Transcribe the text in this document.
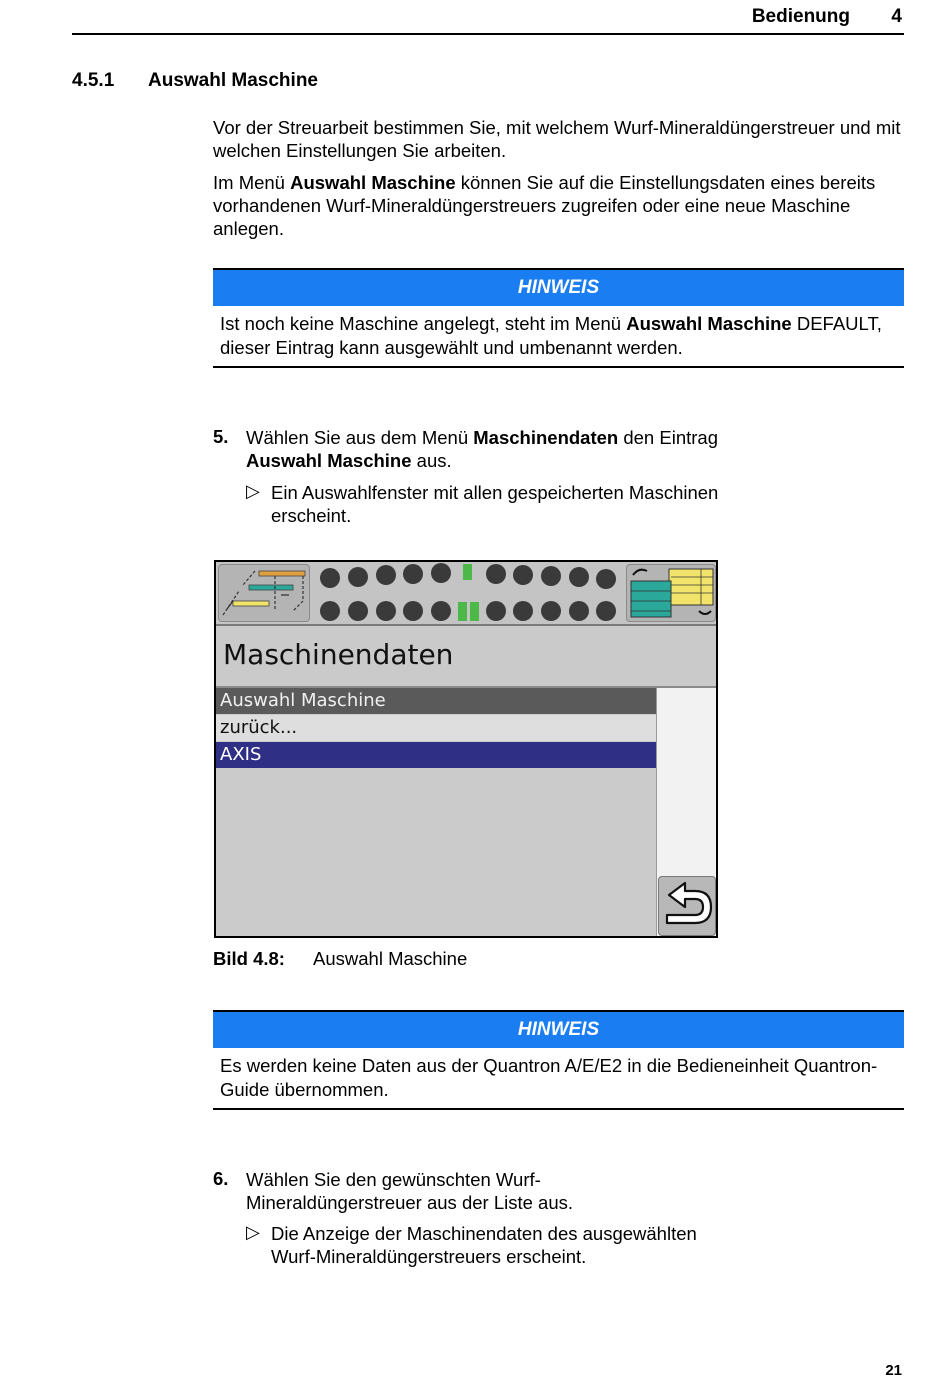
Bedienung 4
4.5.1 Auswahl Maschine
Vor der Streuarbeit bestimmen Sie, mit welchem Wurf-Mineraldüngerstreuer und mit welchen Einstellungen Sie arbeiten.
Im Menü Auswahl Maschine können Sie auf die Einstellungsdaten eines bereits vorhandenen Wurf-Mineraldüngerstreuers zugreifen oder eine neue Maschine anlegen.
HINWEIS
Ist noch keine Maschine angelegt, steht im Menü Auswahl Maschine DEFAULT, dieser Eintrag kann ausgewählt und umbenannt werden.
5. Wählen Sie aus dem Menü Maschinendaten den Eintrag Auswahl Maschine aus.
▷ Ein Auswahlfenster mit allen gespeicherten Maschinen erscheint.
Maschinendaten
Auswahl Maschine
zurück...
AXIS
Bild 4.8: Auswahl Maschine
HINWEIS
Es werden keine Daten aus der Quantron A/E/E2 in die Bedieneinheit Quantron-Guide übernommen.
6. Wählen Sie den gewünschten Wurf-Mineraldüngerstreuer aus der Liste aus.
▷ Die Anzeige der Maschinendaten des ausgewählten Wurf-Mineraldüngerstreuers erscheint.
21
